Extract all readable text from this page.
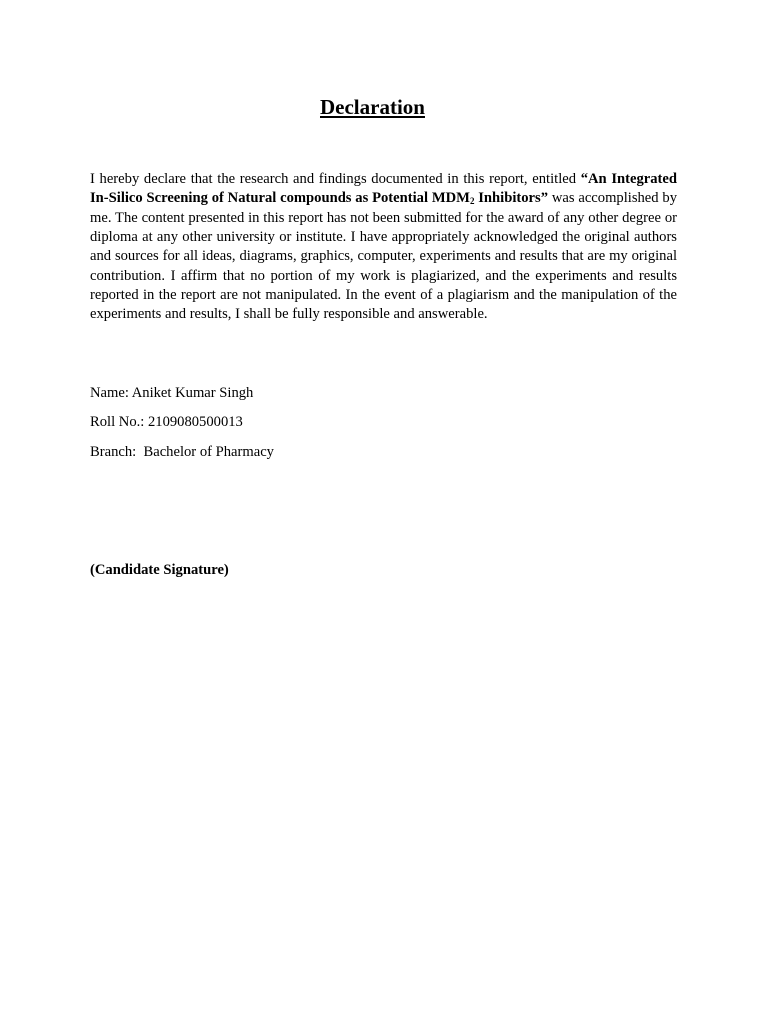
Declaration

I hereby declare that the research and findings documented in this report, entitled “An Integrated In-Silico Screening of Natural compounds as Potential $MDM_2$ Inhibitors” was accomplished by me. The content presented in this report has not been submitted for the award of any other degree or diploma at any other university or institute. I have appropriately acknowledged the original authors and sources for all ideas, diagrams, graphics, computer, experiments and results that are my original contribution. I affirm that no portion of my work is plagiarized, and the experiments and results reported in the report are not manipulated. In the event of a plagiarism and the manipulation of the experiments and results, I shall be fully responsible and answerable.

Name: Aniket Kumar Singh

Roll No.: 2109080500013

Branch:  Bachelor of Pharmacy

(Candidate Signature)
